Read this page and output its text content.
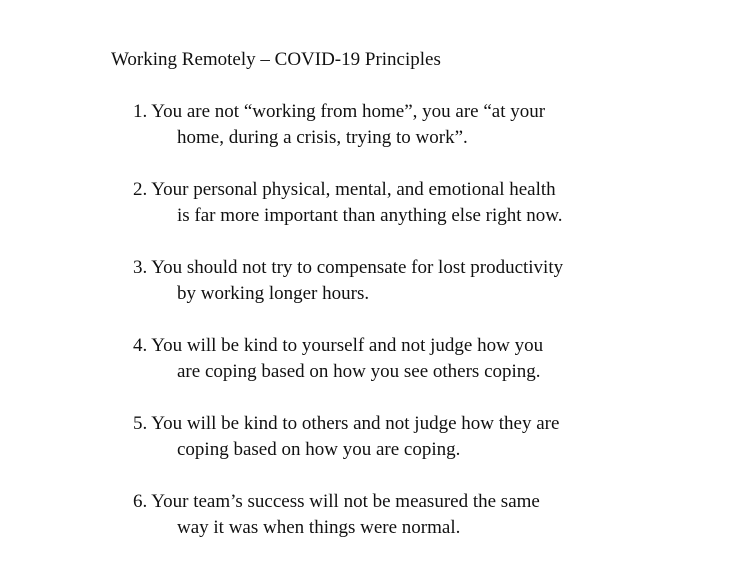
Working Remotely – COVID-19 Principles
1. You are not “working from home”, you are “at your
home, during a crisis, trying to work”.
2. Your personal physical, mental, and emotional health
is far more important than anything else right now.
3. You should not try to compensate for lost productivity
by working longer hours.
4. You will be kind to yourself and not judge how you
are coping based on how you see others coping.
5. You will be kind to others and not judge how they are
coping based on how you are coping.
6. Your team’s success will not be measured the same
way it was when things were normal.
